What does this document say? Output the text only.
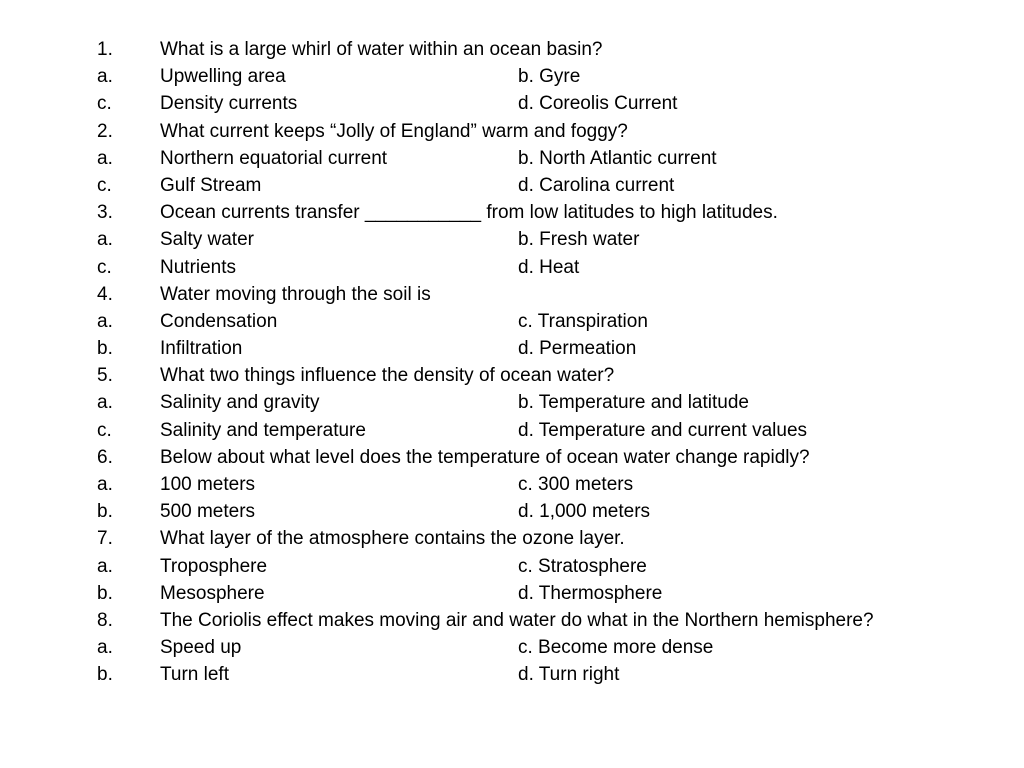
1. What is a large whirl of water within an ocean basin?
a. Upwelling area	b. Gyre
c.	Density currents	d. Coreolis Current
2. What current keeps “Jolly of England” warm and foggy?
a. Northern equatorial current	b. North Atlantic current
c.	Gulf Stream	d. Carolina current
3. Ocean currents transfer ___________ from low latitudes to high latitudes.
a. Salty water	b. Fresh water
c.	Nutrients	d. Heat
4. Water moving through the soil is
a. Condensation	c. Transpiration
b. Infiltration	d. Permeation
5. What two things influence the density of ocean water?
a. Salinity and gravity	b. Temperature and latitude
c.	Salinity and temperature	d. Temperature and current values
6. Below about what level does the temperature of ocean water change rapidly?
a. 100 meters	c. 300 meters
b. 500 meters	d. 1,000 meters
7. What layer of the atmosphere contains the ozone layer.
a. Troposphere	c. Stratosphere
b. Mesosphere	d. Thermosphere
8. The Coriolis effect makes moving air and water do what in the Northern hemisphere?
a. Speed up	c. Become more dense
b. Turn left	d. Turn right
